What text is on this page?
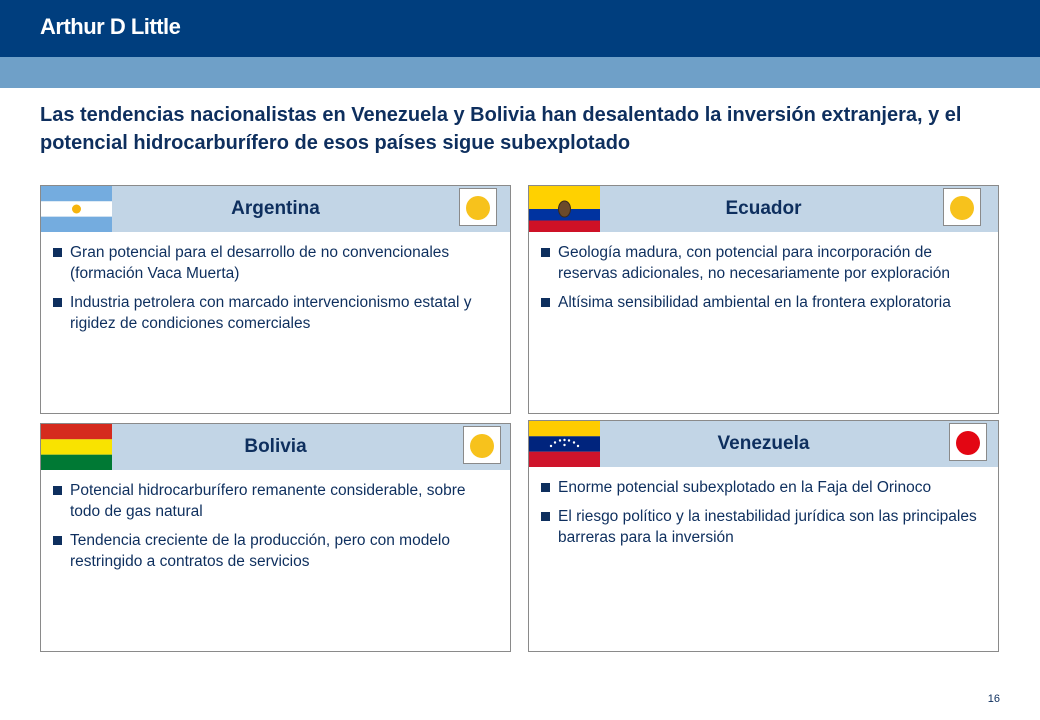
Arthur D Little
Las tendencias nacionalistas en Venezuela y Bolivia han desalentado la inversión extranjera, y el potencial hidrocarburífero de esos países sigue subexplotado
Argentina
Gran potencial para el desarrollo de no convencionales (formación Vaca Muerta)
Industria petrolera con marcado intervencionismo estatal y rigidez de condiciones comerciales
Ecuador
Geología madura, con potencial para incorporación de reservas adicionales, no necesariamente por exploración
Altísima sensibilidad ambiental en la frontera exploratoria
Bolivia
Potencial hidrocarburífero remanente considerable, sobre todo de gas natural
Tendencia creciente de la producción, pero con modelo restringido a contratos de servicios
Venezuela
Enorme potencial subexplotado en la Faja del Orinoco
El riesgo político y la inestabilidad jurídica son las principales barreras para la inversión
16
